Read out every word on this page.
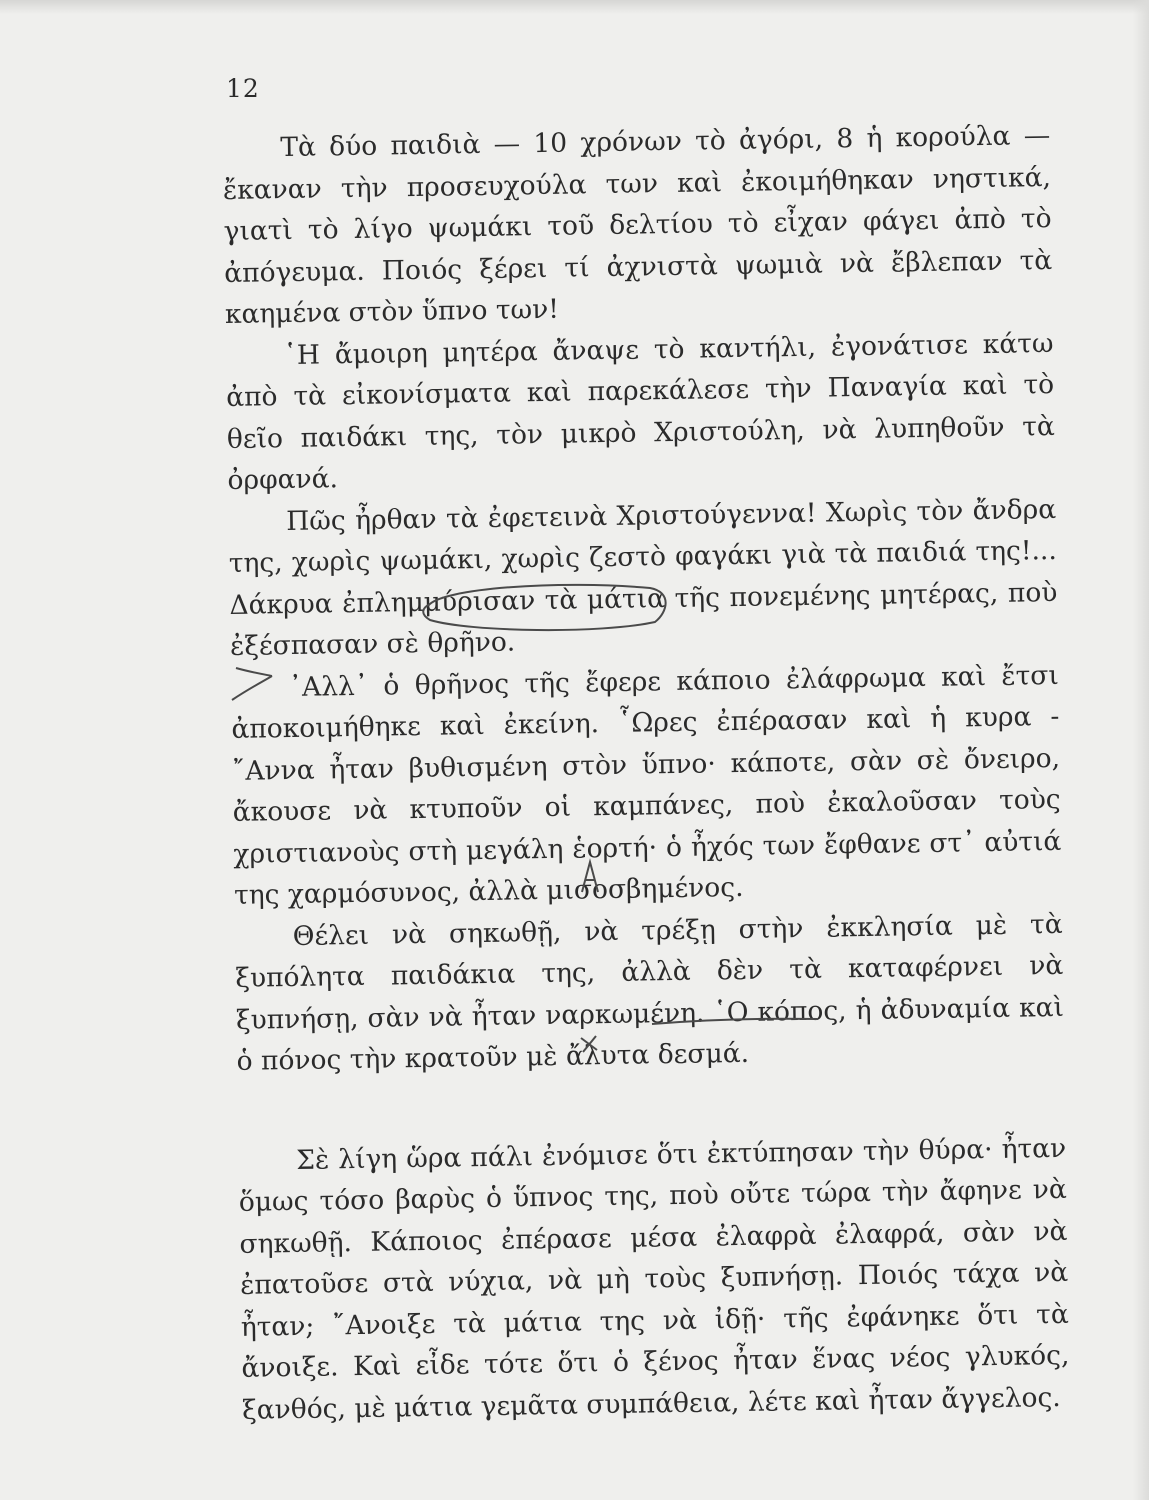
12

Τὰ δύο παιδιὰ — 10 χρόνων τὸ ἀγόρι, 8 ἡ κορούλα — ἔκαναν τὴν προσευχούλα των καὶ ἐκοιμήθηκαν νηστικά, γιατὶ τὸ λίγο ψωμάκι τοῦ δελτίου τὸ εἶχαν φάγει ἀπὸ τὸ ἀπόγευμα. Ποιός ξέρει τί ἀχνιστὰ ψωμιὰ νὰ ἔβλεπαν τὰ καημένα στὸν ὕπνο των!

῾Η ἄμοιρη μητέρα ἄναψε τὸ καντήλι, ἐγονάτισε κάτω ἀπὸ τὰ εἰκονίσματα καὶ παρεκάλεσε τὴν Παναγία καὶ τὸ θεῖο παιδάκι της, τὸν μικρὸ Χριστούλη, νὰ λυπηθοῦν τὰ ὀρφανά.

Πῶς ἦρθαν τὰ ἐφετεινὰ Χριστούγεννα! Χωρὶς τὸν ἄνδρα της, χωρὶς ψωμάκι, χωρὶς ζεστὸ φαγάκι γιὰ τὰ παιδιά της!... Δάκρυα ἐπλημμύρισαν τὰ μάτια τῆς πονεμένης μητέρας, ποὺ ἐξέσπασαν σὲ θρῆνο.

᾿Αλλ᾿ ὁ θρῆνος τῆς ἔφερε κάποιο ἐλάφρωμα καὶ ἔτσι ἀποκοιμήθηκε καὶ ἐκείνη. ῟Ωρες ἐπέρασαν καὶ ἡ κυρα - ῎Αννα ἦταν βυθισμένη στὸν ὕπνο· κάποτε, σὰν σὲ ὄνειρο, ἄκουσε νὰ κτυποῦν οἱ καμπάνες, ποὺ ἐκαλοῦσαν τοὺς χριστιανοὺς στὴ μεγάλη ἑορτή· ὁ ἦχός των ἔφθανε στ᾿ αὐτιά της χαρμόσυνος, ἀλλὰ μισοσβημένος.

Θέλει νὰ σηκωθῇ, νὰ τρέξῃ στὴν ἐκκλησία μὲ τὰ ξυπόλητα παιδάκια της, ἀλλὰ δὲν τὰ καταφέρνει νὰ ξυπνήσῃ, σὰν νὰ ἦταν ναρκωμένη. ῾Ο κόπος, ἡ ἀδυναμία καὶ ὁ πόνος τὴν κρατοῦν μὲ ἄλυτα δεσμά.

Σὲ λίγη ὥρα πάλι ἐνόμισε ὅτι ἐκτύπησαν τὴν θύρα· ἦταν ὅμως τόσο βαρὺς ὁ ὕπνος της, ποὺ οὔτε τώρα τὴν ἄφηνε νὰ σηκωθῇ. Κάποιος ἐπέρασε μέσα ἐλαφρὰ ἐλαφρά, σὰν νὰ ἐπατοῦσε στὰ νύχια, νὰ μὴ τοὺς ξυπνήσῃ. Ποιός τάχα νὰ ἦταν; ῎Ανοιξε τὰ μάτια της νὰ ἰδῇ· τῆς ἐφάνηκε ὅτι τὰ ἄνοιξε. Καὶ εἶδε τότε ὅτι ὁ ξένος ἦταν ἕνας νέος γλυκός, ξανθός, μὲ μάτια γεμᾶτα συμπάθεια, λέτε καὶ ἦταν ἄγγελος.
